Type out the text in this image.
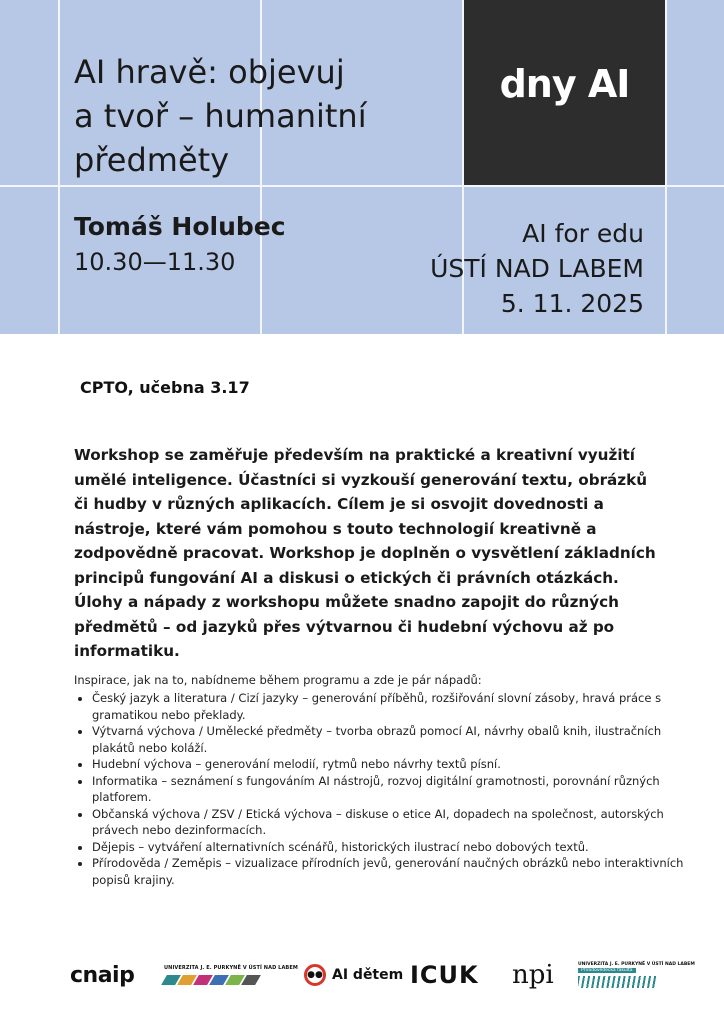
dny AI
AI hravě: objevuj
a tvoř – humanitní
předměty
Tomáš Holubec
10.30—11.30
AI for edu
ÚSTÍ NAD LABEM
5. 11. 2025
CPTO, učebna 3.17
Workshop se zaměřuje především na praktické a kreativní využití umělé inteligence. Účastníci si vyzkouší generování textu, obrázků či hudby v různých aplikacích. Cílem je si osvojit dovednosti a nástroje, které vám pomohou s touto technologií kreativně a zodpovědně pracovat. Workshop je doplněn o vysvětlení základních principů fungování AI a diskusi o etických či právních otázkách. Úlohy a nápady z workshopu můžete snadno zapojit do různých předmětů – od jazyků přes výtvarnou či hudební výchovu až po informatiku.
Inspirace, jak na to, nabídneme během programu a zde je pár nápadů:
• Český jazyk a literatura / Cizí jazyky – generování příběhů, rozšiřování slovní zásoby, hravá práce s gramatikou nebo překlady.
• Výtvarná výchova / Umělecké předměty – tvorba obrazů pomocí AI, návrhy obalů knih, ilustračních plakátů nebo koláží.
• Hudební výchova – generování melodií, rytmů nebo návrhy textů písní.
• Informatika – seznámení s fungováním AI nástrojů, rozvoj digitální gramotnosti, porovnání různých platforem.
• Občanská výchova / ZSV / Etická výchova – diskuse o etice AI, dopadech na společnost, autorských právech nebo dezinformacích.
• Dějepis – vytváření alternativních scénářů, historických ilustrací nebo dobových textů.
• Přírodověda / Zeměpis – vizualizace přírodních jevů, generování naučných obrázků nebo interaktivních popisů krajiny.
cnaip	UNIVERZITA J. E. PURKYNĚ V ÚSTÍ NAD LABEM
●● AI dětem ICUK npi	UNIVERZITA J. E. PURKYNĚ V ÚSTÍ NAD LABEM
Přírodovědecká fakulta
